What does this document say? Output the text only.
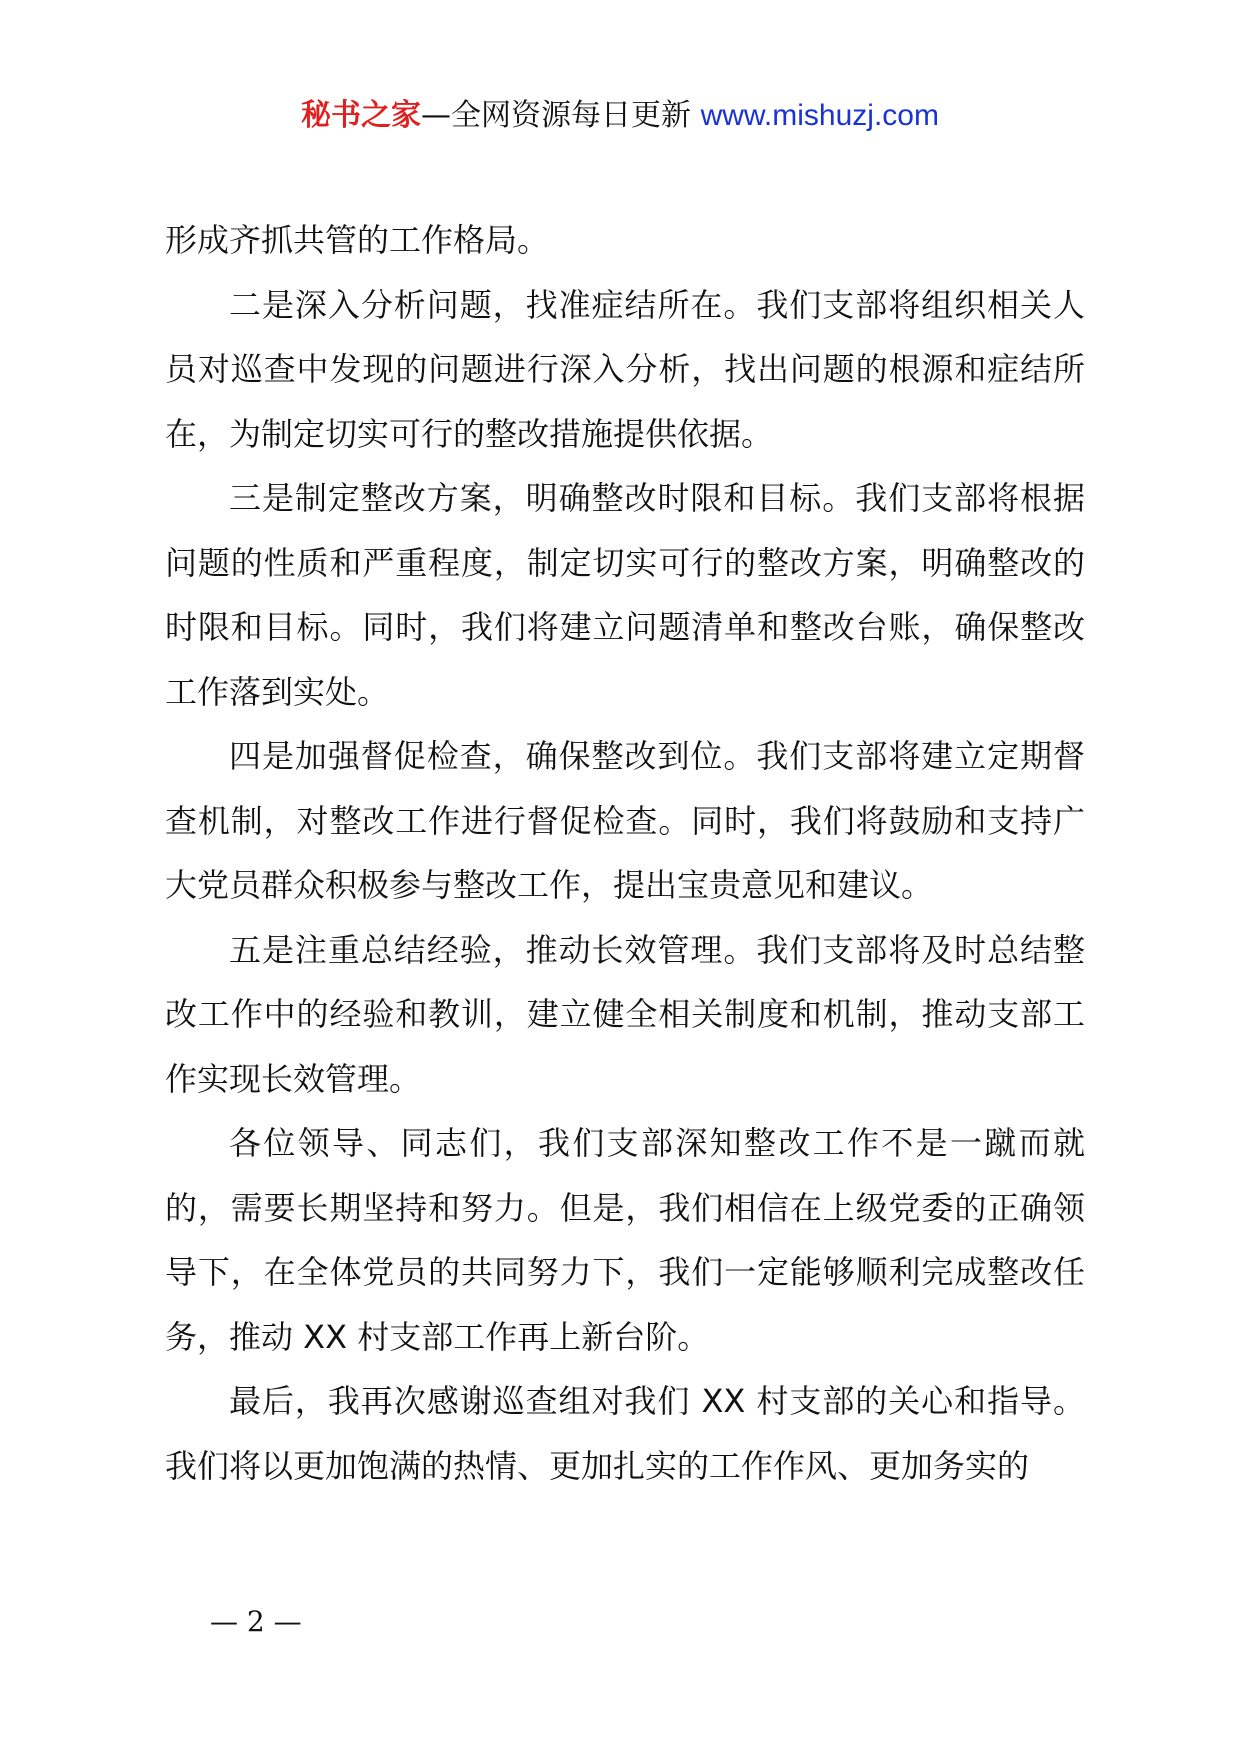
秘书之家—全网资源每日更新 www.mishuzj.com

形成齐抓共管的工作格局。

二是深入分析问题，找准症结所在。我们支部将组织相关人员对巡查中发现的问题进行深入分析，找出问题的根源和症结所在，为制定切实可行的整改措施提供依据。

三是制定整改方案，明确整改时限和目标。我们支部将根据问题的性质和严重程度，制定切实可行的整改方案，明确整改的时限和目标。同时，我们将建立问题清单和整改台账，确保整改工作落到实处。

四是加强督促检查，确保整改到位。我们支部将建立定期督查机制，对整改工作进行督促检查。同时，我们将鼓励和支持广大党员群众积极参与整改工作，提出宝贵意见和建议。

五是注重总结经验，推动长效管理。我们支部将及时总结整改工作中的经验和教训，建立健全相关制度和机制，推动支部工作实现长效管理。

各位领导、同志们，我们支部深知整改工作不是一蹴而就的，需要长期坚持和努力。但是，我们相信在上级党委的正确领导下，在全体党员的共同努力下，我们一定能够顺利完成整改任务，推动 XX 村支部工作再上新台阶。

最后，我再次感谢巡查组对我们 XX 村支部的关心和指导。我们将以更加饱满的热情、更加扎实的工作作风、更加务实的

— 2 —
